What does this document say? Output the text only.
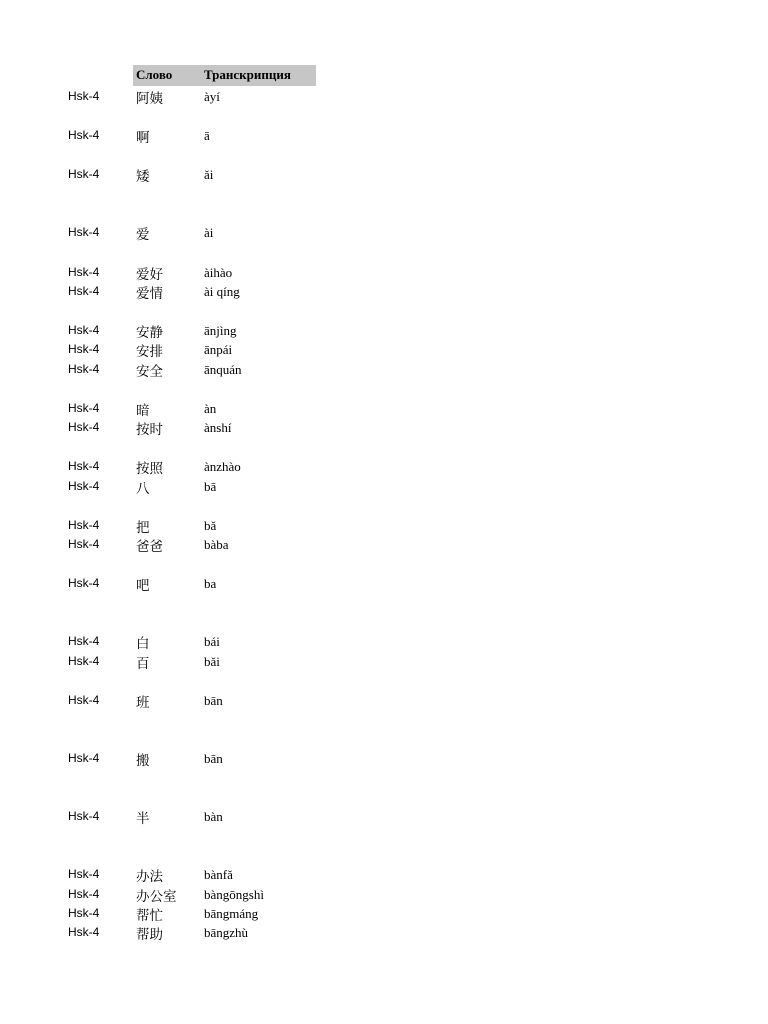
Слово Транскрипция
Hsk-4	阿姨	àyí
Hsk-4	啊	ā
Hsk-4	矮	ǎi
Hsk-4	爱	ài
Hsk-4	爱好	àihào
Hsk-4	爱情	ài qíng
Hsk-4	安静	ānjìng
Hsk-4	安排	ānpái
Hsk-4	安全	ānquán
Hsk-4	暗	àn
Hsk-4	按时	ànshí
Hsk-4	按照	ànzhào
Hsk-4	八	bā
Hsk-4	把	bǎ
Hsk-4	爸爸	bàba
Hsk-4	吧	ba
Hsk-4	白	bái
Hsk-4	百	bǎi
Hsk-4	班	bān
Hsk-4	搬	bān
Hsk-4	半	bàn
Hsk-4	办法	bànfǎ
Hsk-4	办公室 bàngōngshì
Hsk-4	帮忙	bāngmáng
Hsk-4	帮助	bāngzhù
